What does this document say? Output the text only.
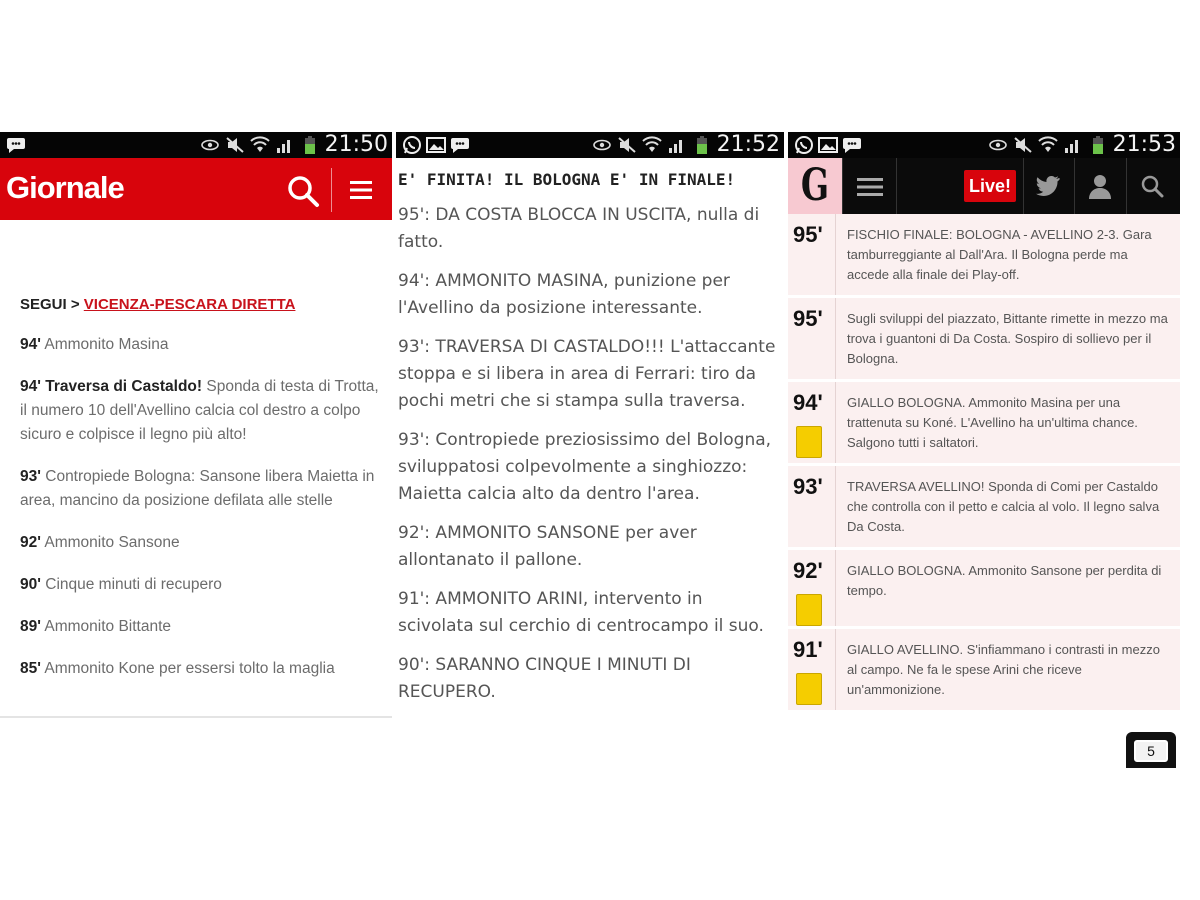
21:50
Giornale
SEGUI > VICENZA-PESCARA DIRETTA
94' Ammonito Masina
94' Traversa di Castaldo! Sponda di testa di Trotta, il numero 10 dell'Avellino calcia col destro a colpo sicuro e colpisce il legno più alto!
93' Contropiede Bologna: Sansone libera Maietta in area, mancino da posizione defilata alle stelle
92' Ammonito Sansone
90' Cinque minuti di recupero
89' Ammonito Bittante
85' Ammonito Kone per essersi tolto la maglia
21:52
E' FINITA! IL BOLOGNA E' IN FINALE!
95': DA COSTA BLOCCA IN USCITA, nulla di fatto.
94': AMMONITO MASINA, punizione per l'Avellino da posizione interessante.
93': TRAVERSA DI CASTALDO!!! L'attaccante stoppa e si libera in area di Ferrari: tiro da pochi metri che si stampa sulla traversa.
93': Contropiede preziosissimo del Bologna, sviluppatosi colpevolmente a singhiozzo: Maietta calcia alto da dentro l'area.
92': AMMONITO SANSONE per aver allontanato il pallone.
91': AMMONITO ARINI, intervento in scivolata sul cerchio di centrocampo il suo.
90': SARANNO CINQUE I MINUTI DI RECUPERO.
21:53
G	Live!
95'	FISCHIO FINALE: BOLOGNA - AVELLINO 2-3. Gara tamburreggiante al Dall'Ara. Il Bologna perde ma accede alla finale dei Play-off.
95'	Sugli sviluppi del piazzato, Bittante rimette in mezzo ma trova i guantoni di Da Costa. Sospiro di sollievo per il Bologna.
94'	GIALLO BOLOGNA. Ammonito Masina per una trattenuta su Koné. L'Avellino ha un'ultima chance. Salgono tutti i saltatori.
93'	TRAVERSA AVELLINO! Sponda di Comi per Castaldo che controlla con il petto e calcia al volo. Il legno salva Da Costa.
92'	GIALLO BOLOGNA. Ammonito Sansone per perdita di tempo.
91'	GIALLO AVELLINO. S'infiammano i contrasti in mezzo al campo. Ne fa le spese Arini che riceve un'ammonizione.
5
